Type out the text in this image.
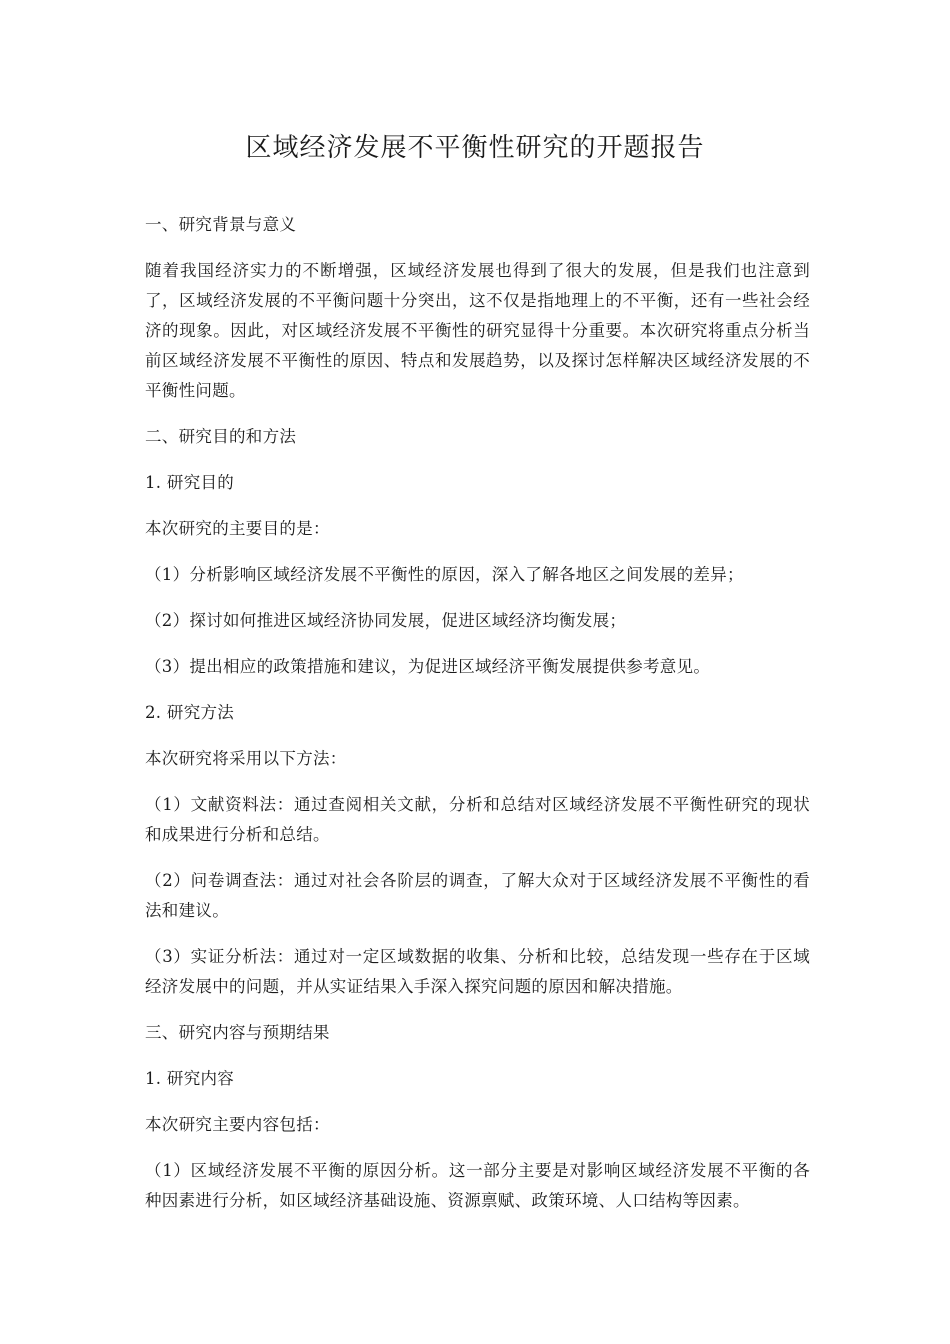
区域经济发展不平衡性研究的开题报告

一、研究背景与意义

随着我国经济实力的不断增强，区域经济发展也得到了很大的发展，但是我们也注意到了，区域经济发展的不平衡问题十分突出，这不仅是指地理上的不平衡，还有一些社会经济的现象。因此，对区域经济发展不平衡性的研究显得十分重要。本次研究将重点分析当前区域经济发展不平衡性的原因、特点和发展趋势，以及探讨怎样解决区域经济发展的不平衡性问题。

二、研究目的和方法

1. 研究目的

本次研究的主要目的是：

（1）分析影响区域经济发展不平衡性的原因，深入了解各地区之间发展的差异；

（2）探讨如何推进区域经济协同发展，促进区域经济均衡发展；

（3）提出相应的政策措施和建议，为促进区域经济平衡发展提供参考意见。

2. 研究方法

本次研究将采用以下方法：

（1）文献资料法：通过查阅相关文献，分析和总结对区域经济发展不平衡性研究的现状和成果进行分析和总结。

（2）问卷调查法：通过对社会各阶层的调查，了解大众对于区域经济发展不平衡性的看法和建议。

（3）实证分析法：通过对一定区域数据的收集、分析和比较，总结发现一些存在于区域经济发展中的问题，并从实证结果入手深入探究问题的原因和解决措施。

三、研究内容与预期结果

1. 研究内容

本次研究主要内容包括：

（1）区域经济发展不平衡的原因分析。这一部分主要是对影响区域经济发展不平衡的各种因素进行分析，如区域经济基础设施、资源禀赋、政策环境、人口结构等因素。
